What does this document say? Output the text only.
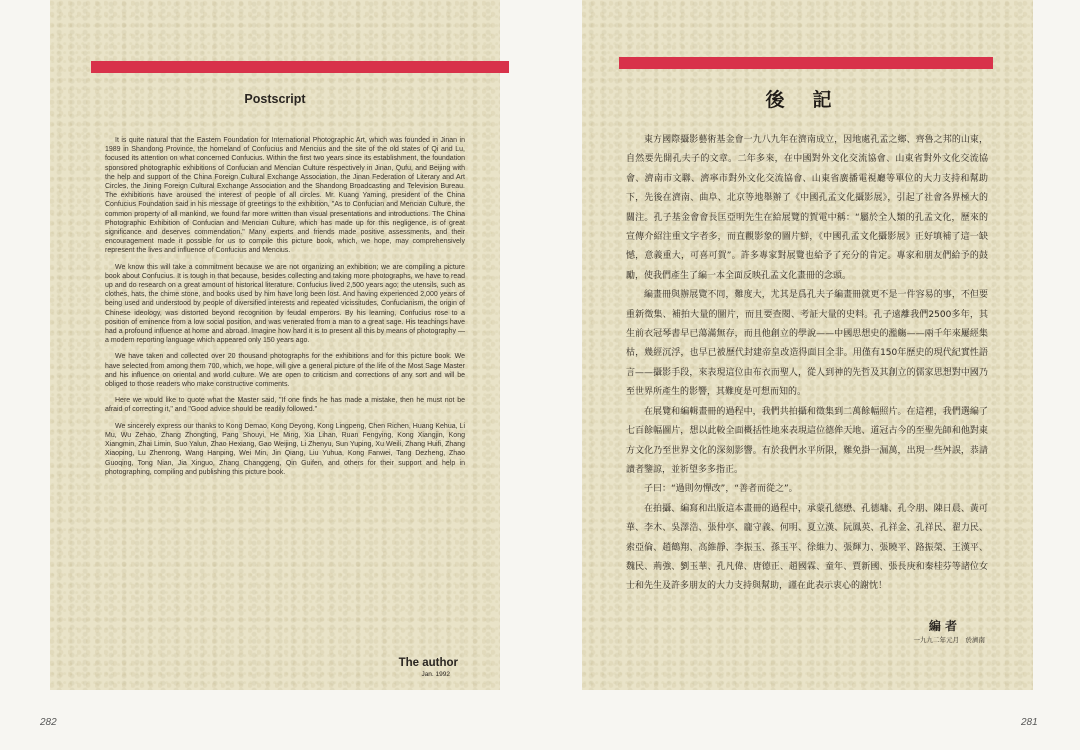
Postscript

It is quite natural that the Eastern Foundation for International Photographic Art, which was founded in Jinan in 1989 in Shandong Province, the homeland of Confucius and Mencius and the site of the old states of Qi and Lu, focused its attention on what concerned Confucius. Within the first two years since its establishment, the foundation sponsored photographic exhibitions of Confucian and Mencian Culture respectively in Jinan, Qufu, and Beijing with the help and support of the China Foreign Cultural Exchange Association, the Jinan Federation of Literary and Art Circles, the Jining Foreign Cultural Exchange Association and the Shandong Broadcasting and Television Bureau. The exhibitions have aroused the interest of people of all circles. Mr. Kuang Yaming, president of the China Confucius Foundation said in his message of greetings to the exhibition, "As to Confucian and Mencian Culture, the common property of all mankind, we found far more written than visual presentations and introductions. The China Photographic Exhibition of Confucian and Mencian Culture, which has made up for this negligence, is of great significance and deserves commendation." Many experts and friends made positive assessments, and their encouragement made it possible for us to compile this picture book, which, we hope, may comprehensively represent the lives and influence of Confucius and Mencius.

We know this will take a commitment because we are not organizing an exhibition; we are compiling a picture book about Confucius. It is tough in that because, besides collecting and taking more photographs, we have to read up and do research on a great amount of historical literature. Confucius lived 2,500 years ago; the utensils, such as clothes, hats, the chime stone, and books used by him have long been lost. And having experienced 2,000 years of being used and understood by people of diversified interests and repeated vicissitudes, Confucianism, the origin of Chinese ideology, was distorted beyond recognition by feudal emperors. By his learning, Confucius rose to a position of eminence from a low social position, and was venerated from a man to a great sage. His teachings have had a profound influence at home and abroad. Imagine how hard it is to present all this by means of photography — a modern reporting language which appeared only 150 years ago.

We have taken and collected over 20 thousand photographs for the exhibitions and for this picture book. We have selected from among them 700, which, we hope, will give a general picture of the life of the Most Sage Master and his influence on oriental and world culture. We are open to criticism and corrections of any sort and will be obliged to those readers who make constructive comments.

Here we would like to quote what the Master said, "If one finds he has made a mistake, then he must not be afraid of correcting it," and "Good advice should be readily followed."

We sincerely express our thanks to Kong Demao, Kong Deyong, Kong Lingpeng, Chen Richen, Huang Kehua, Li Mu, Wu Zehao, Zhang Zhongting, Pang Shouyi, He Ming, Xia Lihan, Ruan Fengying, Kong Xiangjin, Kong Xiangmin, Zhai Limin, Suo Yalun, Zhao Hexiang, Gao Weijing, Li Zhenyu, Sun Yuping, Xu Weili, Zhang Huifi, Zhang Xiaoping, Lu Zhenrong, Wang Hanping, Wei Min, Jin Qiang, Liu Yuhua, Kong Fanwei, Tang Dezheng, Zhao Guoqing, Tong Nian, Jia Xinguo, Zhang Changgeng, Qin Guifen, and others for their support and help in photographing, compiling and publishing this picture book.

The author
Jan. 1992
後記

東方國際攝影藝術基金會一九八九年在濟南成立，因地處孔孟之鄉、齊魯之邦的山東，自然要先開孔夫子的文章。二年多來，在中國對外文化交流協會、山東省對外文化交流協會、濟南市文聯、濟寧市對外文化交流協會、山東省廣播電視廳等單位的大力支持和幫助下，先後在濟南、曲阜、北京等地舉辦了《中國孔孟文化攝影展》，引起了社會各界極大的關注。孔子基金會會長匡亞明先生在給展覽的賀電中稱：“屬於全人類的孔孟文化，歷來的宣傳介紹注重文字者多，而直觀影象的圖片鮮，《中國孔孟文化攝影展》正好填補了這一缺憾，意義重大，可喜可賀”。許多專家對展覽也給予了充分的肯定。專家和朋友們給予的鼓勵，使我們產生了編一本全面反映孔孟文化畫冊的念頭。

編畫冊與辦展覽不同，難度大，尤其是爲孔夫子編畫冊就更不是一件容易的事，不但要重新徵集、補拍大量的圖片，而且要查閱、考証大量的史料。孔子遠離我們2500多年，其生前衣冠琴書早已蕩滿無存，而且他創立的學說——中國思想史的濫觴——兩千年來屢經集枯，幾經沉浮，也早已被歷代封建帝皇改造得面目全非。用僅有150年歷史的現代紀實性語言——攝影手段，來表現這位由布衣而聖人，從人到神的先哲及其創立的儒家思想對中國乃至世界所產生的影響，其難度是可想而知的。

在展覽和編輯畫冊的過程中，我們共拍攝和徵集到二萬餘幅照片。在這裡，我們選編了七百餘幅圖片，想以此較全面概括性地來表現這位德侔天地、道冠古今的至聖先師和他對東方文化乃至世界文化的深刻影響。有於我們水平所限，難免掛一漏萬，出現一些舛誤，恭請讀者鑒諒，並祈望多多指正。

子曰：“過則勿憚改”，“善者而從之”。

在拍攝、編寫和出版這本畫冊的過程中，承蒙孔德懋、孔德墉、孔令朋、陳日晨、黃可華、李木、吳澤浩、張仲亭、龐守義、何明、夏立漢、阮鳳英、孔祥金、孔祥民、翟力民、索亞倫、趙鶴翔、高維靜、李振玉、孫玉平、徐維力、張輝力、張曉平、路振榮、王漢平、魏民、荊強、劉玉華、孔凡偉、唐德正、趙國霖、童年、賈新國、張長庚和秦桂芬等諸位女士和先生及許多朋友的大力支持與幫助，謹在此表示衷心的謝忱！

編 者
一九九二年元月　於濟南
282	281
